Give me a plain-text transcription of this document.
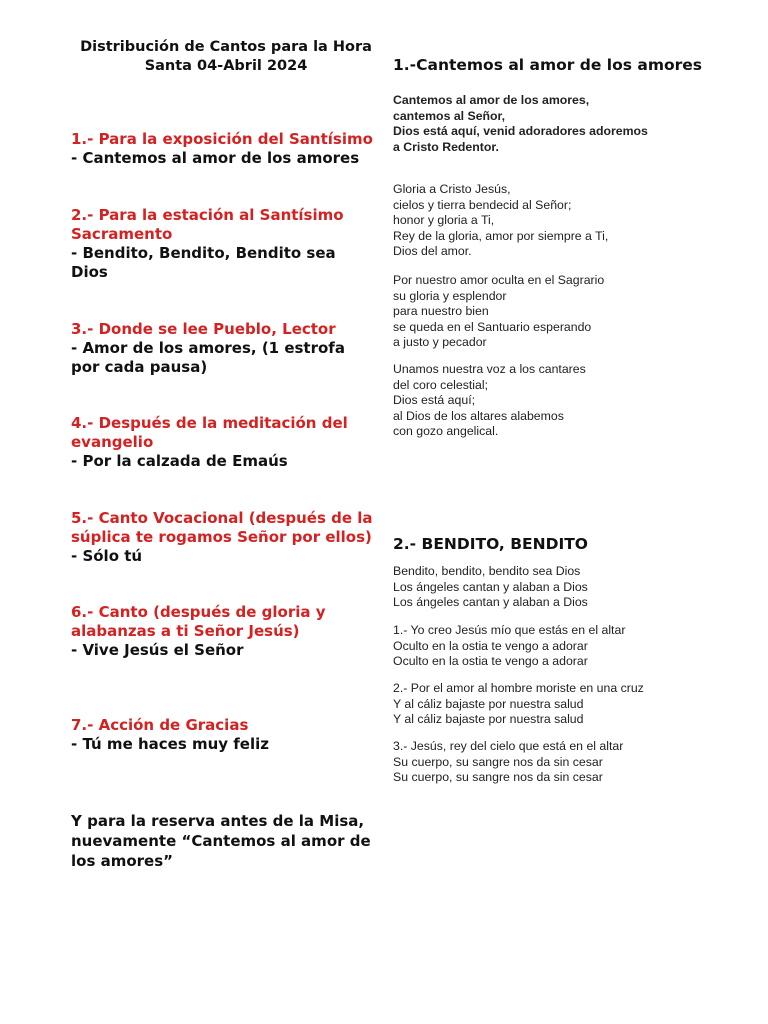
Distribución de Cantos para la Hora
Santa 04-Abril 2024
1.- Para la exposición del Santísimo
- Cantemos al amor de los amores
2.- Para la estación al Santísimo
Sacramento
- Bendito, Bendito, Bendito sea
Dios
3.- Donde se lee Pueblo, Lector
- Amor de los amores, (1 estrofa
por cada pausa)
4.- Después de la meditación del
evangelio
- Por la calzada de Emaús
5.- Canto Vocacional (después de la
súplica te rogamos Señor por ellos)
- Sólo tú
6.- Canto (después de gloria y
alabanzas a ti Señor Jesús)
- Vive Jesús el Señor
7.- Acción de Gracias
- Tú me haces muy feliz
Y para la reserva antes de la Misa,
nuevamente “Cantemos al amor de
los amores”
1.-Cantemos al amor de los amores
Cantemos al amor de los amores,
cantemos al Señor,
Dios está aquí, venid adoradores adoremos
a Cristo Redentor.
Gloria a Cristo Jesús,
cielos y tierra bendecid al Señor;
honor y gloria a Ti,
Rey de la gloria, amor por siempre a Ti,
Dios del amor.
Por nuestro amor oculta en el Sagrario
su gloria y esplendor
para nuestro bien
se queda en el Santuario esperando
a justo y pecador
Unamos nuestra voz a los cantares
del coro celestial;
Dios está aquí;
al Dios de los altares alabemos
con gozo angelical.
2.- BENDITO, BENDITO
Bendito, bendito, bendito sea Dios
Los ángeles cantan y alaban a Dios
Los ángeles cantan y alaban a Dios
1.- Yo creo Jesús mío que estás en el altar
Oculto en la ostia te vengo a adorar
Oculto en la ostia te vengo a adorar
2.- Por el amor al hombre moriste en una cruz
Y al cáliz bajaste por nuestra salud
Y al cáliz bajaste por nuestra salud
3.- Jesús, rey del cielo que está en el altar
Su cuerpo, su sangre nos da sin cesar
Su cuerpo, su sangre nos da sin cesar
